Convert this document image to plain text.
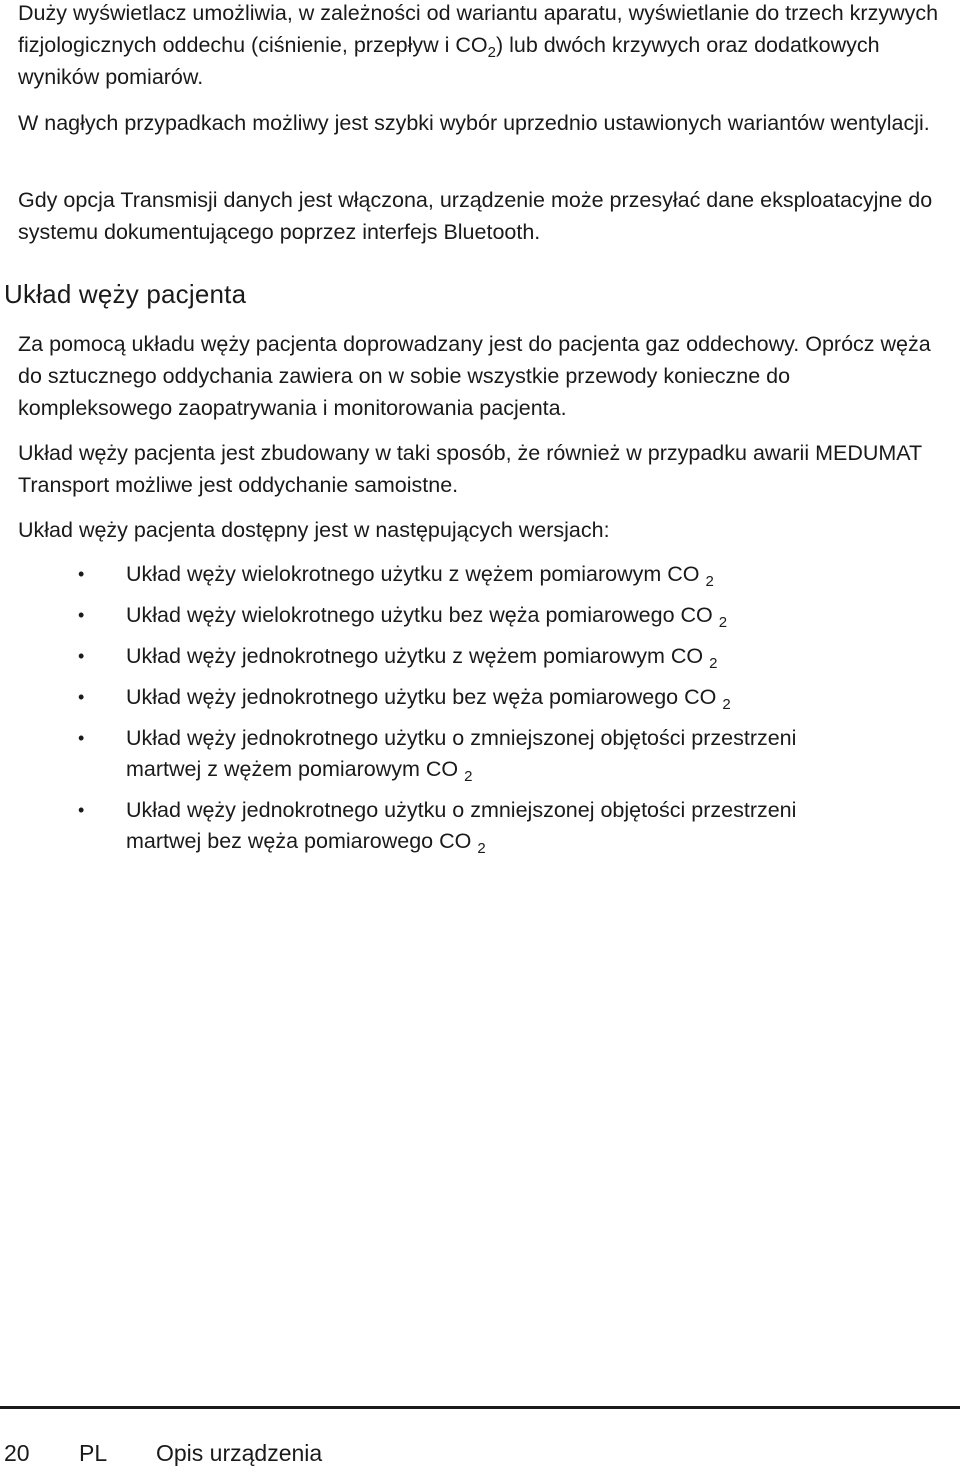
Duży wyświetlacz umożliwia, w zależności od wariantu aparatu, wyświetlanie do trzech krzywych fizjologicznych oddechu (ciśnienie, przepływ i $CO_2$) lub dwóch krzywych oraz dodatkowych wyników pomiarów.

W nagłych przypadkach możliwy jest szybki wybór uprzednio ustawionych wariantów wentylacji.

Gdy opcja Transmisji danych jest włączona, urządzenie może przesyłać dane eksploatacyjne do systemu dokumentującego poprzez interfejs Bluetooth.

Układ węży pacjenta

Za pomocą układu węży pacjenta doprowadzany jest do pacjenta gaz oddechowy. Oprócz węża do sztucznego oddychania zawiera on w sobie wszystkie przewody konieczne do kompleksowego zaopatrywania i monitorowania pacjenta.

Układ węży pacjenta jest zbudowany w taki sposób, że również w przypadku awarii MEDUMAT Transport możliwe jest oddychanie samoistne.

Układ węży pacjenta dostępny jest w następujących wersjach:

• Układ węży wielokrotnego użytku z wężem pomiarowym CO $_2$
• Układ węży wielokrotnego użytku bez węża pomiarowego CO $_2$
• Układ węży jednokrotnego użytku z wężem pomiarowym CO $_2$
• Układ węży jednokrotnego użytku bez węża pomiarowego CO $_2$
• Układ węży jednokrotnego użytku o zmniejszonej objętości przestrzeni martwej z wężem pomiarowym CO $_2$
• Układ węży jednokrotnego użytku o zmniejszonej objętości przestrzeni martwej bez węża pomiarowego CO $_2$
20 PL Opis urządzenia
